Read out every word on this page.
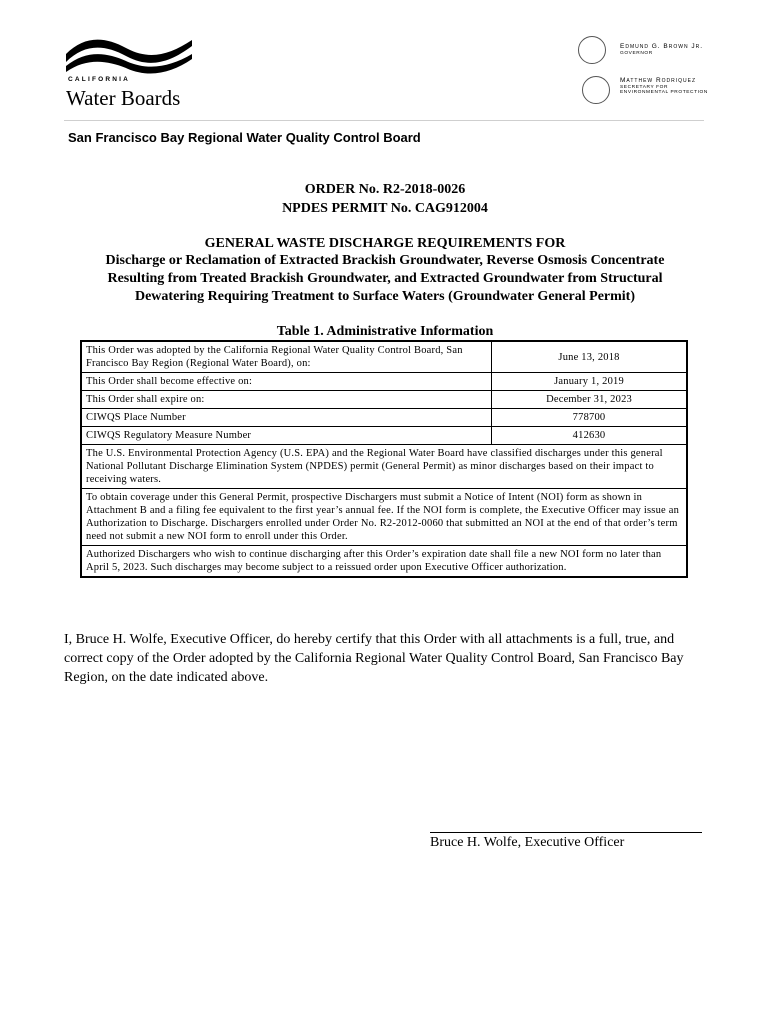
CALIFORNIA
Water Boards
Edmund G. Brown Jr.
GOVERNOR
Matthew Rodriquez
SECRETARY FOR
ENVIRONMENTAL PROTECTION
San Francisco Bay Regional Water Quality Control Board
ORDER No. R2-2018-0026
NPDES PERMIT No. CAG912004
GENERAL WASTE DISCHARGE REQUIREMENTS FOR
Discharge or Reclamation of Extracted Brackish Groundwater, Reverse Osmosis Concentrate
Resulting from Treated Brackish Groundwater, and Extracted Groundwater from Structural
Dewatering Requiring Treatment to Surface Waters (Groundwater General Permit)
Table 1. Administrative Information
This Order was adopted by the California Regional Water Quality Control Board, San Francisco Bay Region (Regional Water Board), on:	June 13, 2018
This Order shall become effective on:	January 1, 2019
This Order shall expire on:	December 31, 2023
CIWQS Place Number	778700
CIWQS Regulatory Measure Number	412630
The U.S. Environmental Protection Agency (U.S. EPA) and the Regional Water Board have classified discharges under this general National Pollutant Discharge Elimination System (NPDES) permit (General Permit) as minor discharges based on their impact to receiving waters.	
To obtain coverage under this General Permit, prospective Dischargers must submit a Notice of Intent (NOI) form as shown in Attachment B and a filing fee equivalent to the first year’s annual fee. If the NOI form is complete, the Executive Officer may issue an Authorization to Discharge. Dischargers enrolled under Order No. R2-2012-0060 that submitted an NOI at the end of that order’s term need not submit a new NOI form to enroll under this Order.	
Authorized Dischargers who wish to continue discharging after this Order’s expiration date shall file a new NOI form no later than April 5, 2023. Such discharges may become subject to a reissued order upon Executive Officer authorization.	
I, Bruce H. Wolfe, Executive Officer, do hereby certify that this Order with all attachments is a full, true, and correct copy of the Order adopted by the California Regional Water Quality Control Board, San Francisco Bay Region, on the date indicated above.
Bruce H. Wolfe, Executive Officer
